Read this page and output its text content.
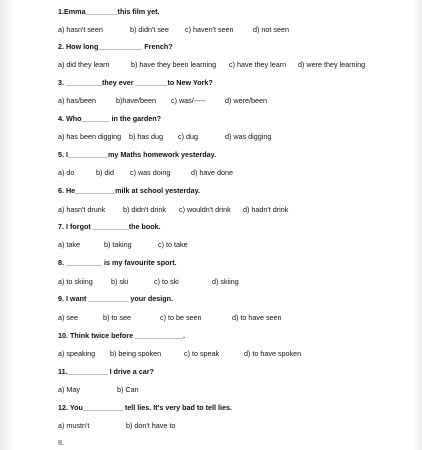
1.Emma________this film yet.
a) hasn't seen	b) didn't see c) haven't seen	d) not seen
2. How long___________ French?
a) did they learn	b) have they been learning c) have they learn d) were they learning
3. _________they ever ________to New York?
a) has/been	b)have/been c) was/-----	d) were/been
4. Who_______ in the garden?
a) has been digging b) has dug c) dug	d) was digging
5. I__________my Maths homework yesterday.
a) do	b) did c) was doing	d) have done
6. He__________milk at school yesterday.
a) hasn't drunk b) didn't drink c) wouldn't drink d) hadn't drink
7. I forgot _________the book.
a) take	b) taking	c) to take
8. _________ is my favourite sport.
a) to skiing	b) ski	c) to ski	d) skiing
9. I want __________ your design.
a) see	b) to see	c) to be seen	d) to have seen
10. Think twice before ____________.
a) speaking b) being spoken	c) to speak	d) to have spoken
11.__________ I drive a car?
a) May	b) Can
12. You__________ tell lies. It's very bad to tell lies.
a) mustn't	b) don't have to
II.
